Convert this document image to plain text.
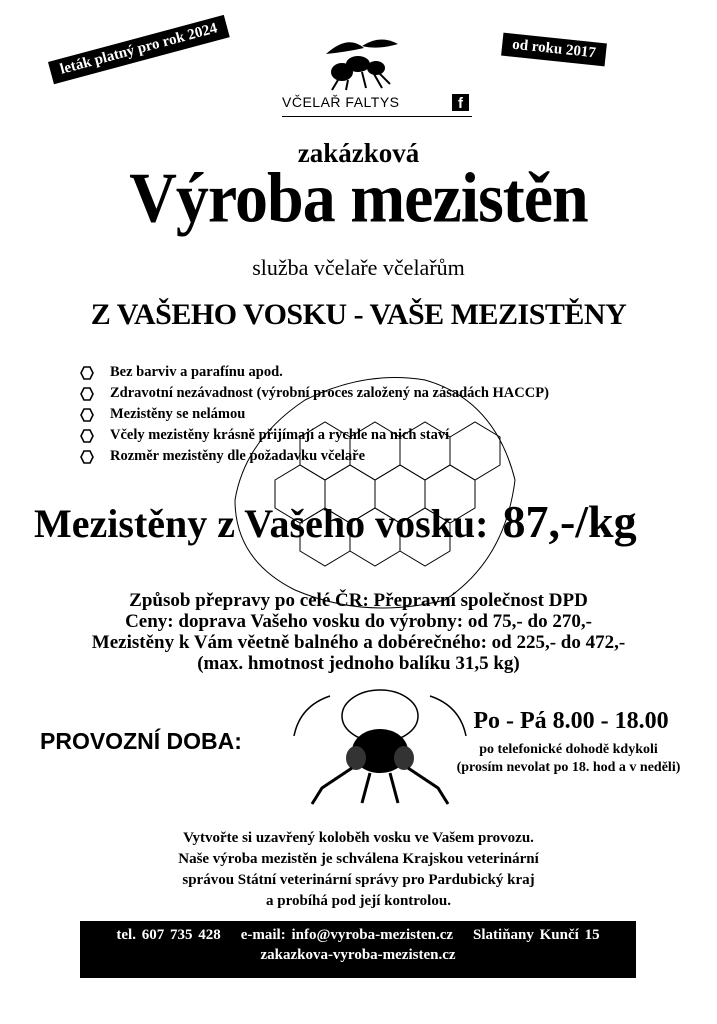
leták platný pro rok 2024	od roku 2017
VČELAŘ FALTYS	f
zakázková
Výroba mezistěn
služba včelaře včelařům
Z VAŠEHO VOSKU - VAŠE MEZISTĚNY
Bez barviv a parafínu apod.
Zdravotní nezávadnost (výrobní proces založený na zásadách HACCP)
Mezistěny se nelámou
Včely mezistěny krásně přijímají a rychle na nich staví
Rozměr mezistěny dle požadavku včelaře
Mezistěny z Vašeho vosku: 87,-/kg
Způsob přepravy po celé ČR: Přepravní společnost DPD
Ceny: doprava Vašeho vosku do výrobny: od 75,- do 270,-
Mezistěny k Vám věetně balného a dobérečného: od 225,- do 472,-
(max. hmotnost jednoho balíku 31,5 kg)
PROVOZNÍ DOBA:
Po - Pá 8.00 - 18.00
po telefonické dohodě kdykoli
(prosím nevolat po 18. hod a v neděli)
Vytvořte si uzavřený koloběh vosku ve Vašem provozu.
Naše výroba mezistěn je schválena Krajskou veterinární
správou Státní veterinární správy pro Pardubický kraj
a probíhá pod její kontrolou.
tel. 607 735 428 e-mail: info@vyroba-mezisten.cz Slatiňany Kunčí 15
zakazkova-vyroba-mezisten.cz
